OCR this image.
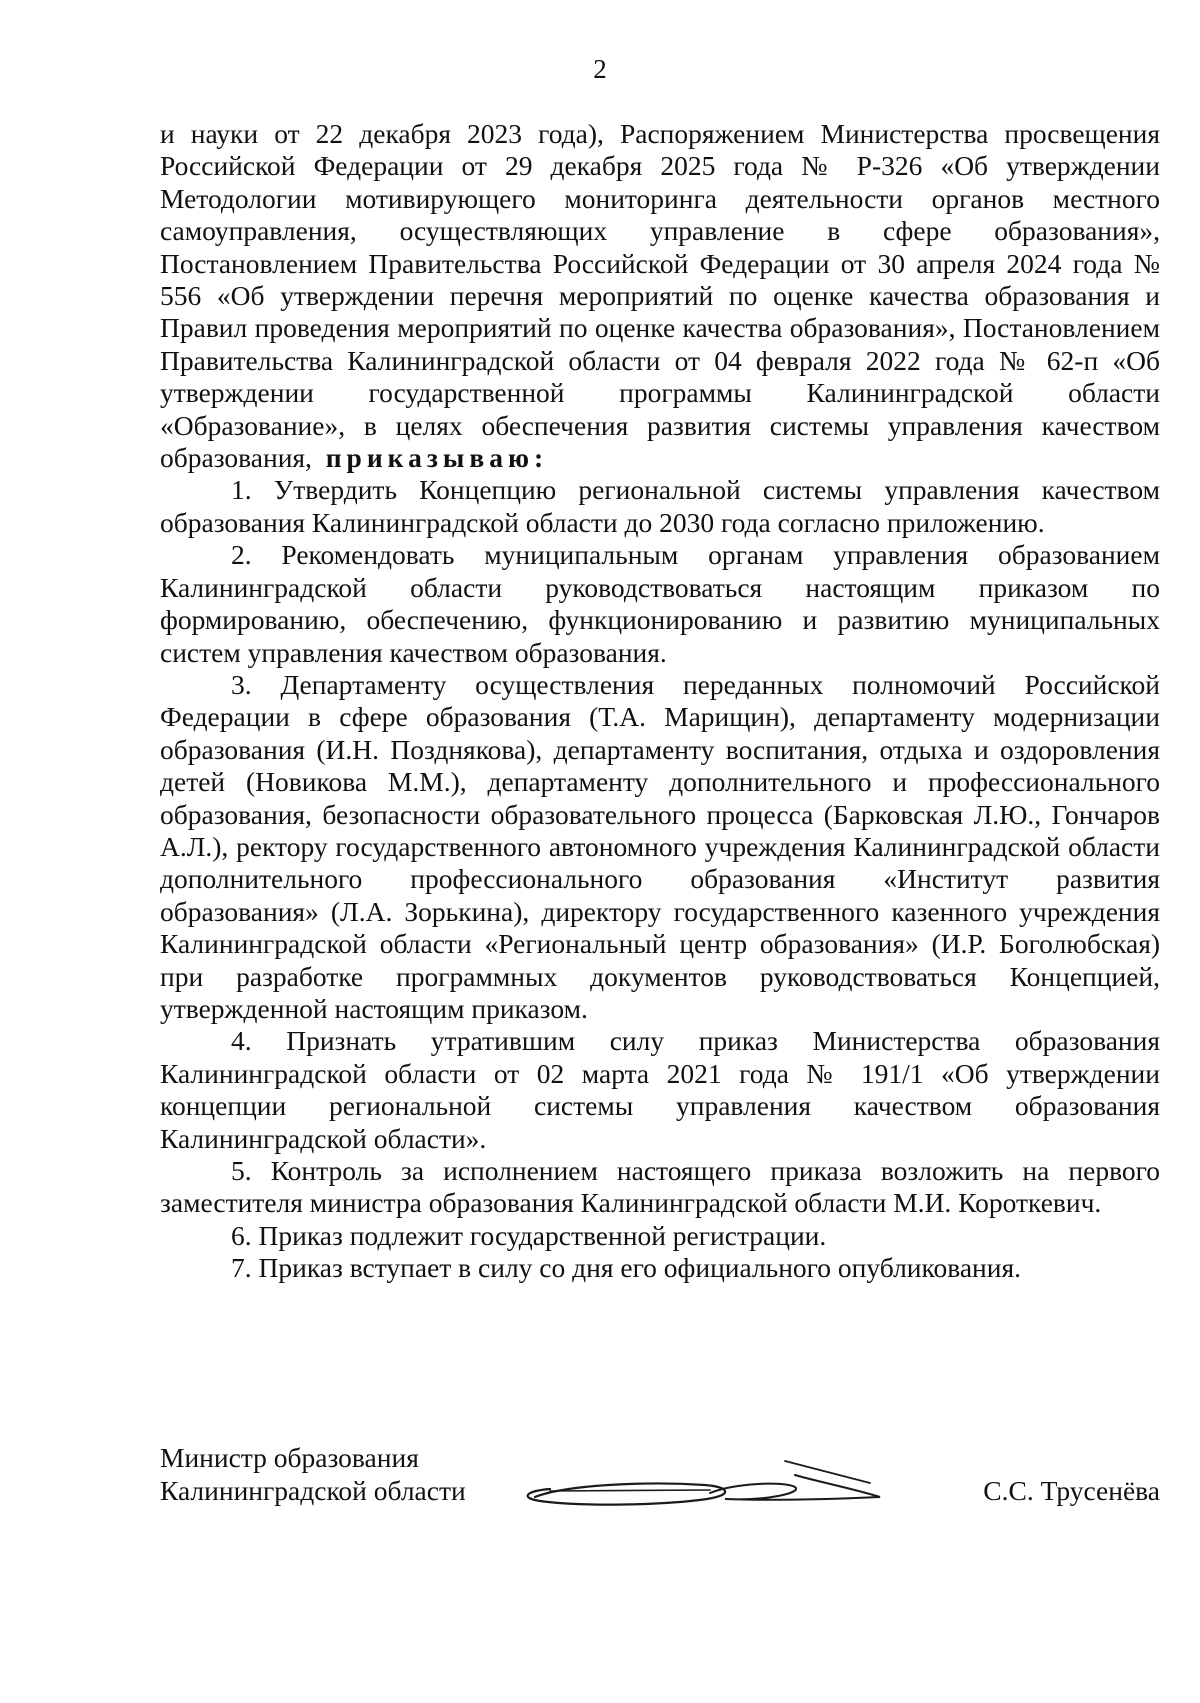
2

и науки от 22 декабря 2023 года), Распоряжением Министерства просвещения Российской Федерации от 29 декабря 2025 года № Р-326 «Об утверждении Методологии мотивирующего мониторинга деятельности органов местного самоуправления, осуществляющих управление в сфере образования», Постановлением Правительства Российской Федерации от 30 апреля 2024 года № 556 «Об утверждении перечня мероприятий по оценке качества образования и Правил проведения мероприятий по оценке качества образования», Постановлением Правительства Калининградской области от 04 февраля 2022 года № 62-п «Об утверждении государственной программы Калининградской области «Образование», в целях обеспечения развития системы управления качеством образования, приказываю:

1. Утвердить Концепцию региональной системы управления качеством образования Калининградской области до 2030 года согласно приложению.

2. Рекомендовать муниципальным органам управления образованием Калининградской области руководствоваться настоящим приказом по формированию, обеспечению, функционированию и развитию муниципальных систем управления качеством образования.

3. Департаменту осуществления переданных полномочий Российской Федерации в сфере образования (Т.А. Марищин), департаменту модернизации образования (И.Н. Позднякова), департаменту воспитания, отдыха и оздоровления детей (Новикова М.М.), департаменту дополнительного и профессионального образования, безопасности образовательного процесса (Барковская Л.Ю., Гончаров А.Л.), ректору государственного автономного учреждения Калининградской области дополнительного профессионального образования «Институт развития образования» (Л.А. Зорькина), директору государственного казенного учреждения Калининградской области «Региональный центр образования» (И.Р. Боголюбская) при разработке программных документов руководствоваться Концепцией, утвержденной настоящим приказом.

4. Признать утратившим силу приказ Министерства образования Калининградской области от 02 марта 2021 года № 191/1 «Об утверждении концепции региональной системы управления качеством образования Калининградской области».

5. Контроль за исполнением настоящего приказа возложить на первого заместителя министра образования Калининградской области М.И. Короткевич.

6. Приказ подлежит государственной регистрации.

7. Приказ вступает в силу со дня его официального опубликования.

Министр образования
Калининградской области	С.С. Трусенёва
